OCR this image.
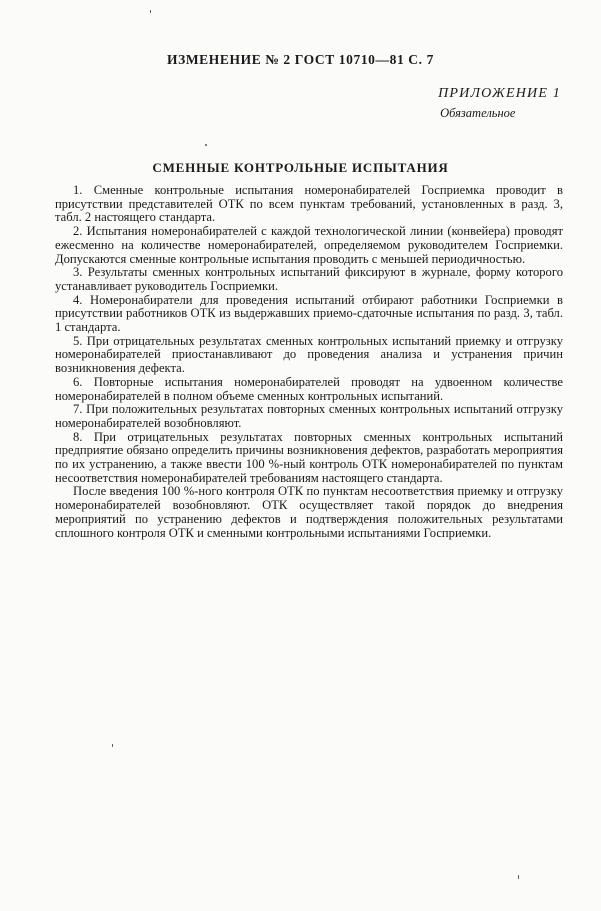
ИЗМЕНЕНИЕ № 2 ГОСТ 10710—81 С. 7
ПРИЛОЖЕНИЕ 1
Обязательное
СМЕННЫЕ КОНТРОЛЬНЫЕ ИСПЫТАНИЯ

1. Сменные контрольные испытания номеронабирателей Госприемка проводит в присутствии представителей ОТК по всем пунктам требований, установленных в разд. 3, табл. 2 настоящего стандарта.

2. Испытания номеронабирателей с каждой технологической линии (конвейера) проводят ежесменно на количестве номеронабирателей, определяемом руководителем Госприемки. Допускаются сменные контрольные испытания проводить с меньшей периодичностью.

3. Результаты сменных контрольных испытаний фиксируют в журнале, форму которого устанавливает руководитель Госприемки.

4. Номеронабиратели для проведения испытаний отбирают работники Госприемки в присутствии работников ОТК из выдержавших приемо-сдаточные испытания по разд. 3, табл. 1 стандарта.

5. При отрицательных результатах сменных контрольных испытаний приемку и отгрузку номеронабирателей приостанавливают до проведения анализа и устранения причин возникновения дефекта.

6. Повторные испытания номеронабирателей проводят на удвоенном количестве номеронабирателей в полном объеме сменных контрольных испытаний.

7. При положительных результатах повторных сменных контрольных испытаний отгрузку номеронабирателей возобновляют.

8. При отрицательных результатах повторных сменных контрольных испытаний предприятие обязано определить причины возникновения дефектов, разработать мероприятия по их устранению, а также ввести 100 %-ный контроль ОТК номеронабирателей по пунктам несоответствия номеронабирателей требованиям настоящего стандарта.

После введения 100 %-ного контроля ОТК по пунктам несоответствия приемку и отгрузку номеронабирателей возобновляют. ОТК осуществляет такой порядок до внедрения мероприятий по устранению дефектов и подтверждения положительных результатами сплошного контроля ОТК и сменными контрольными испытаниями Госприемки.
